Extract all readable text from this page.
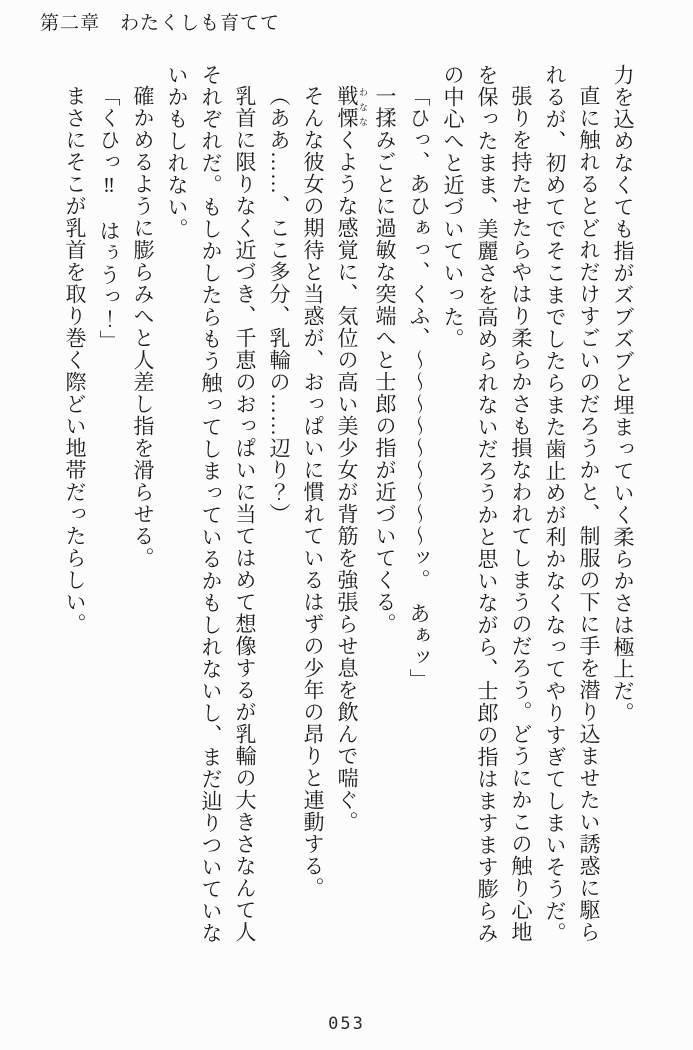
第二章　わたくしも育てて

力を込めなくても指がズブズブと埋まっていく柔らかさは極上だ。

直に触れるとどれだけすごいのだろうかと、制服の下に手を潜り込ませたい誘惑に駆られるが、初めてでそこまでしたらまた歯止めが利かなくなってやりすぎてしまいそうだ。

張りを持たせたらやはり柔らかさも損なわれてしまうのだろう。どうにかこの触り心地を保ったまま、美麗さを高められないだろうかと思いながら、士郎の指はますます膨らみの中心へと近づいていった。

「ひっ、あひぁっ、くふ、～～～～～～～～～ッ。　あぁッ」

一揉みごとに過敏な突端へと士郎の指が近づいてくる。

戦慄 わななくような感覚に、気位の高い美少女が背筋を強張らせ息を飲んで喘ぐ。

そんな彼女の期待と当惑が、おっぱいに慣れているはずの少年の昂りと連動する。

（ああ……、ここ多分、乳輪の……辺り？）

乳首に限りなく近づき、千恵のおっぱいに当てはめて想像するが乳輪の大きさなんて人それぞれだ。もしかしたらもう触ってしまっているかもしれないし、まだ辿りついていないかもしれない。

確かめるように膨らみへと人差し指を滑らせる。

「くひっ‼　はぅうっ！」

まさにそこが乳首を取り巻く際どい地帯だったらしい。

053
